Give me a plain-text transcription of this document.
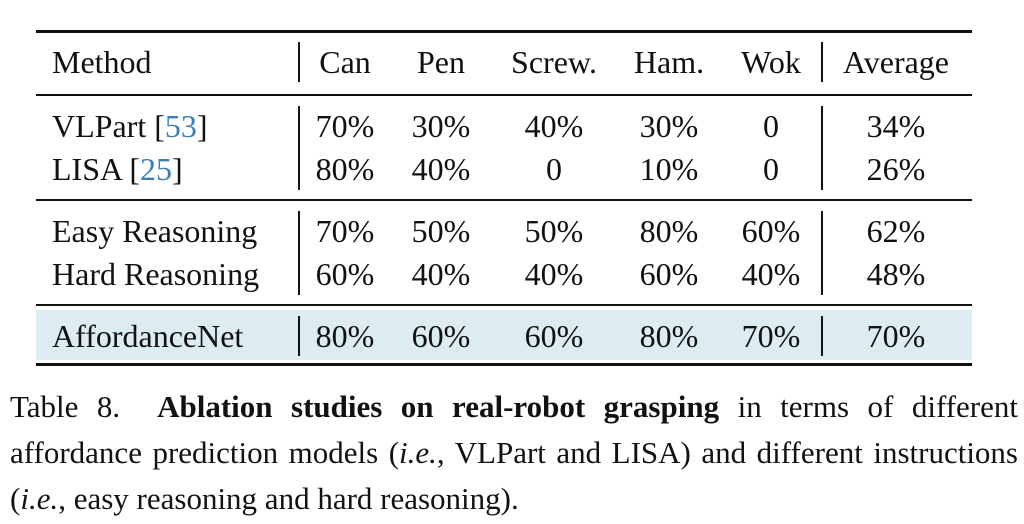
Method	Can Pen Screw. Ham. Wok Average
VLPart [53]	70% 30% 40% 30% 0	34%
LISA [25]	80% 40% 0 10% 0	26%
Easy Reasoning 70% 50% 50% 80% 60% 62%
Hard Reasoning 60% 40% 40% 60% 40% 48%
AffordanceNet 80% 60% 60% 80% 70% 70%
Table 8. Ablation studies on real-robot grasping in terms of different affordance prediction models (i.e., VLPart and LISA) and different instructions (i.e., easy reasoning and hard reasoning).
